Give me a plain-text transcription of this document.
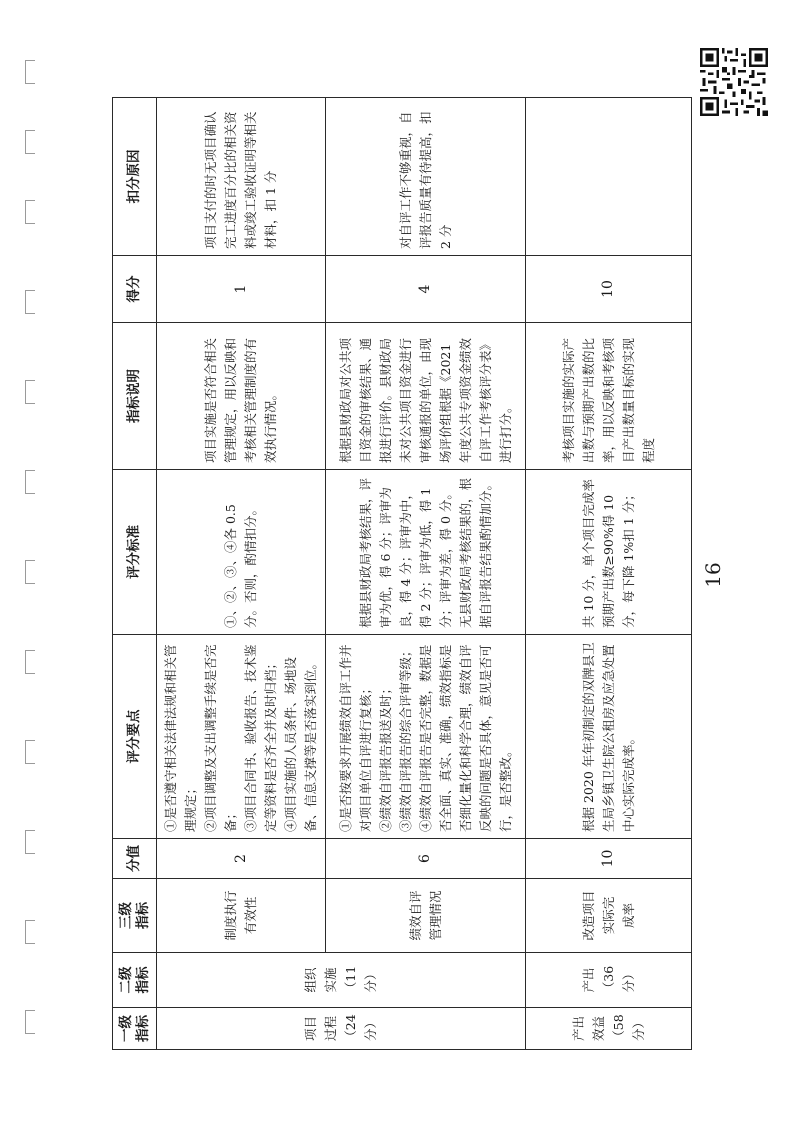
一级
指标	二级
指标	三级
指标	分值	评分要点	评分标准	指标说明	得分	扣分原因
项目
过程
（24
分）	组织
实施
（11 分）	制度执行
有效性	2	①是否遵守相关法律法规和相关管理规定；
②项目调整及支出调整手续是否完备；
③项目合同书、验收报告、技术鉴定等资料是否齐全并及时归档；
④项目实施的人员条件、场地设备、信息支撑等是否落实到位。	①、②、③、④各 0.5 分。否则，酌情扣分。	项目实施是否符合相关管理规定，用以反映和考核相关管理制度的有效执行情况。	1	项目支付的时无项目确认完工进度百分比的相关资料或竣工验收证明等相关材料，扣 1 分
		绩效自评
管理情况	6	①是否按要求开展绩效自评工作并对项目单位自评进行复核；
②绩效自评报告报送及时；
③绩效自评报告的综合评审等级；
④绩效自评报告是否完整，数据是否全面、真实、准确，绩效指标是否细化量化和科学合理，绩效自评反映的问题是否具体，意见是否可行，是否整改。	根据县财政局考核结果，评审为优，得 6 分；评审为良，得 4 分；评审为中，得 2 分；评审为低，得 1 分；评审为差，得 0 分。无县财政局考核结果的，根据自评报告结果酌情加分。	根据县财政局对公共项目资金的审核结果、通报进行评价。县财政局未对公共项目资金进行审核通报的单位，由现场评价组根据《2021 年度公共专项资金绩效自评工作考核评分表》进行打分。	4	对自评工作不够重视，自评报告质量有待提高，扣 2 分
产出
效益
（58
分）	产出
（36 分）	改造项目
实际完
成率	10	根据 2020 年年初制定的双牌县卫生局乡镇卫生院公租房及应急处置中心实际完成率。	共 10 分，单个项目完成率预期产出数≥90%得 10 分，每下降 1%扣 1 分；	考核项目实施的实际产出数与预期产出数的比率，用以反映和考核项目产出数量目标的实现程度	10	
16
